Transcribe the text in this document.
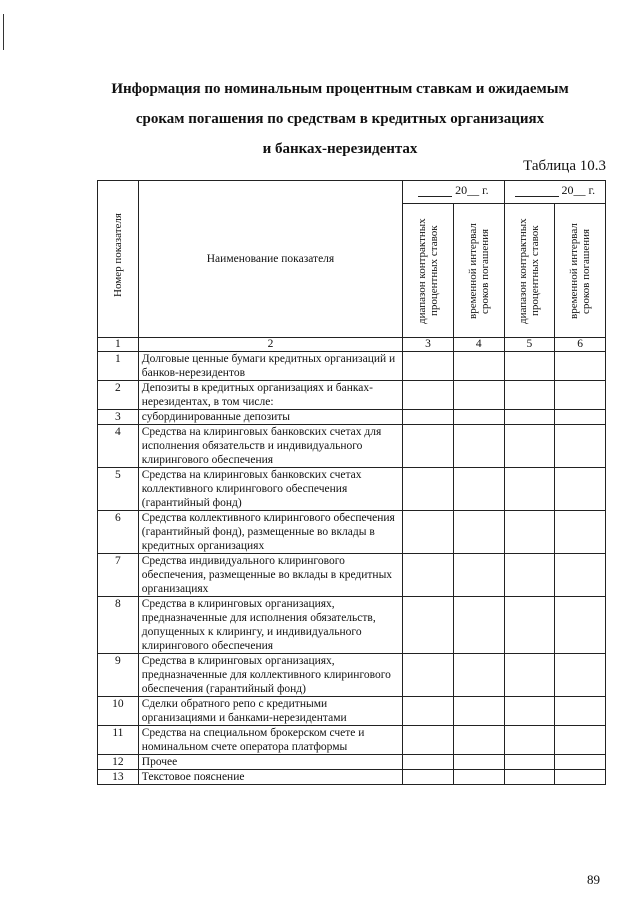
Информация по номинальным процентным ставкам и ожидаемым
срокам погашения по средствам в кредитных организациях
и банках-нерезидентах
Таблица 10.3
Номер показателя	Наименование показателя	20__ г.		20__ г.	

		диапазон контрактных процентных ставок	временной интервал сроков погашения	диапазон контрактных процентных ставок	временной интервал сроков погашения

1	2	3	4	5	6
1	Долговые ценные бумаги кредитных организаций и банков-нерезидентов				
2	Депозиты в кредитных организациях и банках-нерезидентах, в том числе:				
3	субординированные депозиты				
4	Средства на клиринговых банковских счетах для исполнения обязательств и индивидуального клирингового обеспечения				
5	Средства на клиринговых банковских счетах коллективного клирингового обеспечения (гарантийный фонд)				
6	Средства коллективного клирингового обеспечения (гарантийный фонд), размещенные во вклады в кредитных организациях				
7	Средства индивидуального клирингового обеспечения, размещенные во вклады в кредитных организациях				
8	Средства в клиринговых организациях, предназначенные для исполнения обязательств, допущенных к клирингу, и индивидуального клирингового обеспечения				
9	Средства в клиринговых организациях, предназначенные для коллективного клирингового обеспечения (гарантийный фонд)				
10	Сделки обратного репо с кредитными организациями и банками-нерезидентами				
11	Средства на специальном брокерском счете и номинальном счете оператора платформы				
12	Прочее				
13	Текстовое пояснение				
89
